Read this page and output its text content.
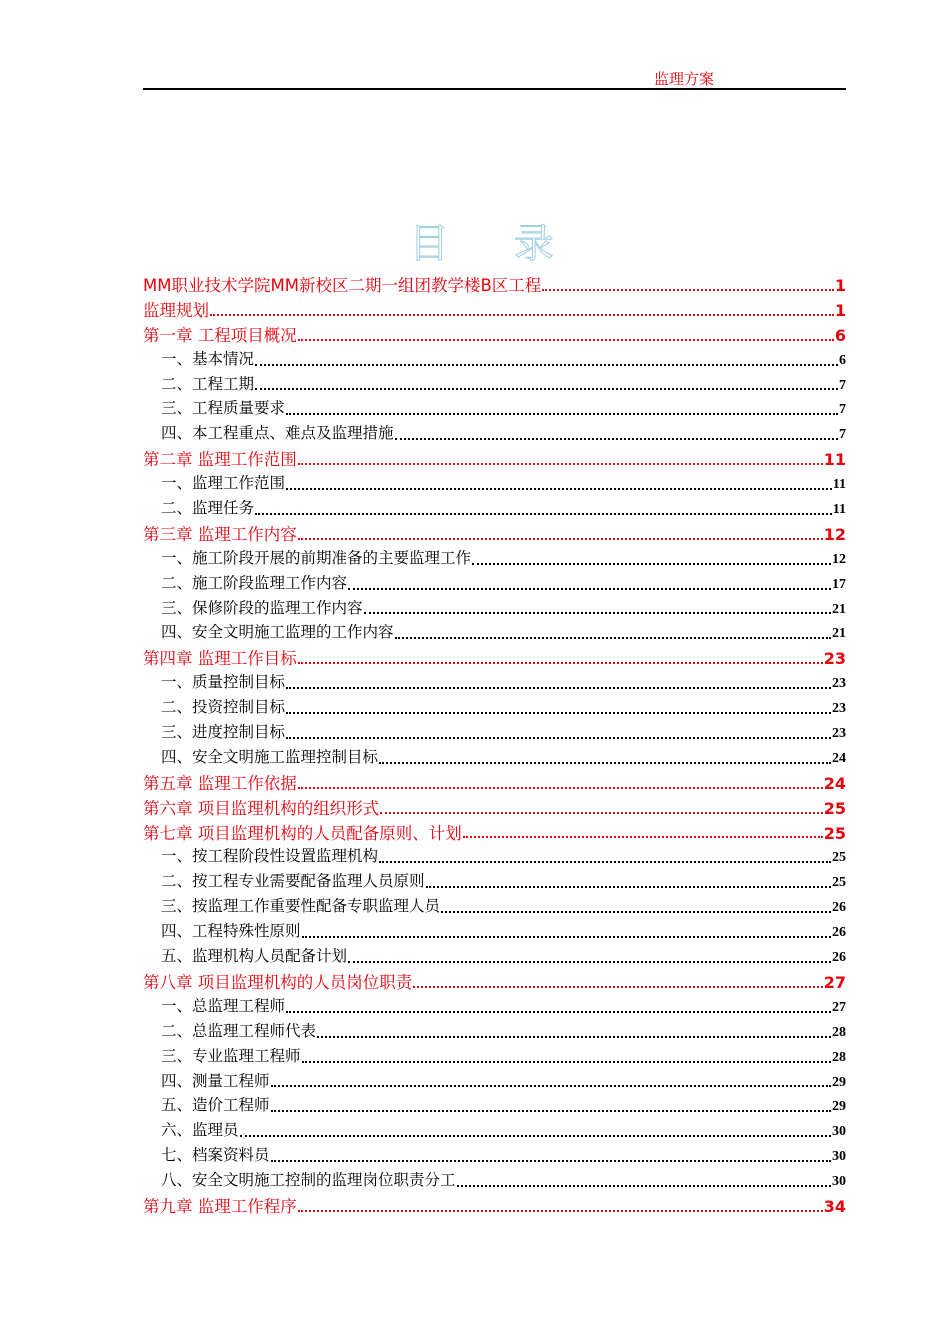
监理方案
目 录
MM职业技术学院MM新校区二期一组团教学楼B区工程	1
监理规划	1
第一章 工程项目概况	6
一、基本情况	6
二、工程工期	7
三、工程质量要求	7
四、本工程重点、难点及监理措施	7
第二章 监理工作范围	11
一、监理工作范围	11
二、监理任务	11
第三章 监理工作内容	12
一、施工阶段开展的前期准备的主要监理工作	12
二、施工阶段监理工作内容	17
三、保修阶段的监理工作内容	21
四、安全文明施工监理的工作内容	21
第四章 监理工作目标	23
一、质量控制目标	23
二、投资控制目标	23
三、进度控制目标	23
四、安全文明施工监理控制目标	24
第五章 监理工作依据	24
第六章 项目监理机构的组织形式	25
第七章 项目监理机构的人员配备原则、计划	25
一、按工程阶段性设置监理机构	25
二、按工程专业需要配备监理人员原则	25
三、按监理工作重要性配备专职监理人员	26
四、工程特殊性原则	26
五、监理机构人员配备计划	26
第八章 项目监理机构的人员岗位职责	27
一、总监理工程师	27
二、总监理工程师代表	28
三、专业监理工程师	28
四、测量工程师	29
五、造价工程师	29
六、监理员	30
七、档案资料员	30
八、安全文明施工控制的监理岗位职责分工	30
第九章 监理工作程序	34
